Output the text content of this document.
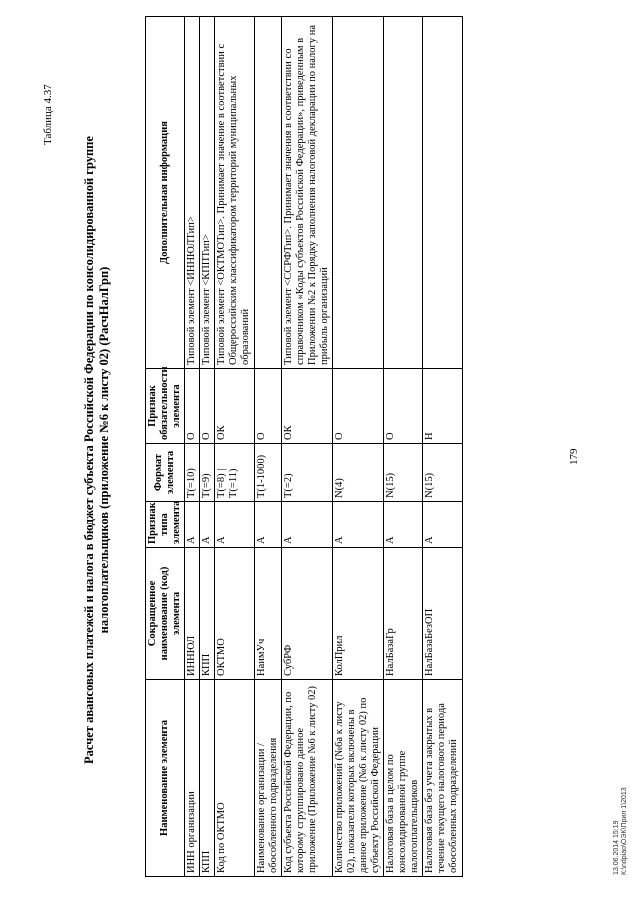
179
Таблица 4.37
Расчет авансовых платежей и налога в бюджет субъекта Российской Федерации по консолидированной группе налогоплательщиков (приложение №6 к листу 02) (РасчНалГрп)
Наименование элемента	Сокращенное наименование (код) элемента	Признак типа элемента	Формат элемента	Признак обязательности элемента	Дополнительная информация
ИНН организации	ИННЮЛ	А	T(=10)	О	Типовой элемент <ИННЮЛТип>
КПП	КПП	А	T(=9)	О	Типовой элемент <КППТип>
Код по ОКТМО	ОКТМО	А	T(=8) | T(=11)	ОК	Типовой элемент <ОКТМОТип>. Принимает значение в соответствии с Общероссийским классификатором территорий муниципальных образований
Наименование организации / обособленного подразделения	НаимУч	А	T(1-1000)	О	
Код субъекта Российской Федерации, по которому сгруппировано данное приложение (Приложение №6 к листу 02)	СубРФ	А	T(=2)	ОК	Типовой элемент <ССРФТип>. Принимает значения в соответствии со справочником «Коды субъектов Российской Федерации», приведенным в Приложении №2 к Порядку заполнения налоговой декларации по налогу на прибыль организаций
Количество приложений (№6а к листу 02), показатели которых включены в данное приложение (№6 к листу 02) по субъекту Российской Федерации	КолПрил	А	N(4)	О	
Налоговая база в целом по консолидированной группе налогоплательщиков	НалБазаГр	А	N(15)	О	
Налоговая база без учета закрытых в течение текущего налогового периода обособленных подразделений	НалБазаБезОП	А	N(15)	Н	
13.06.2014 15:19 К:\ndpiao\ОЭК\Прил 1\2013
